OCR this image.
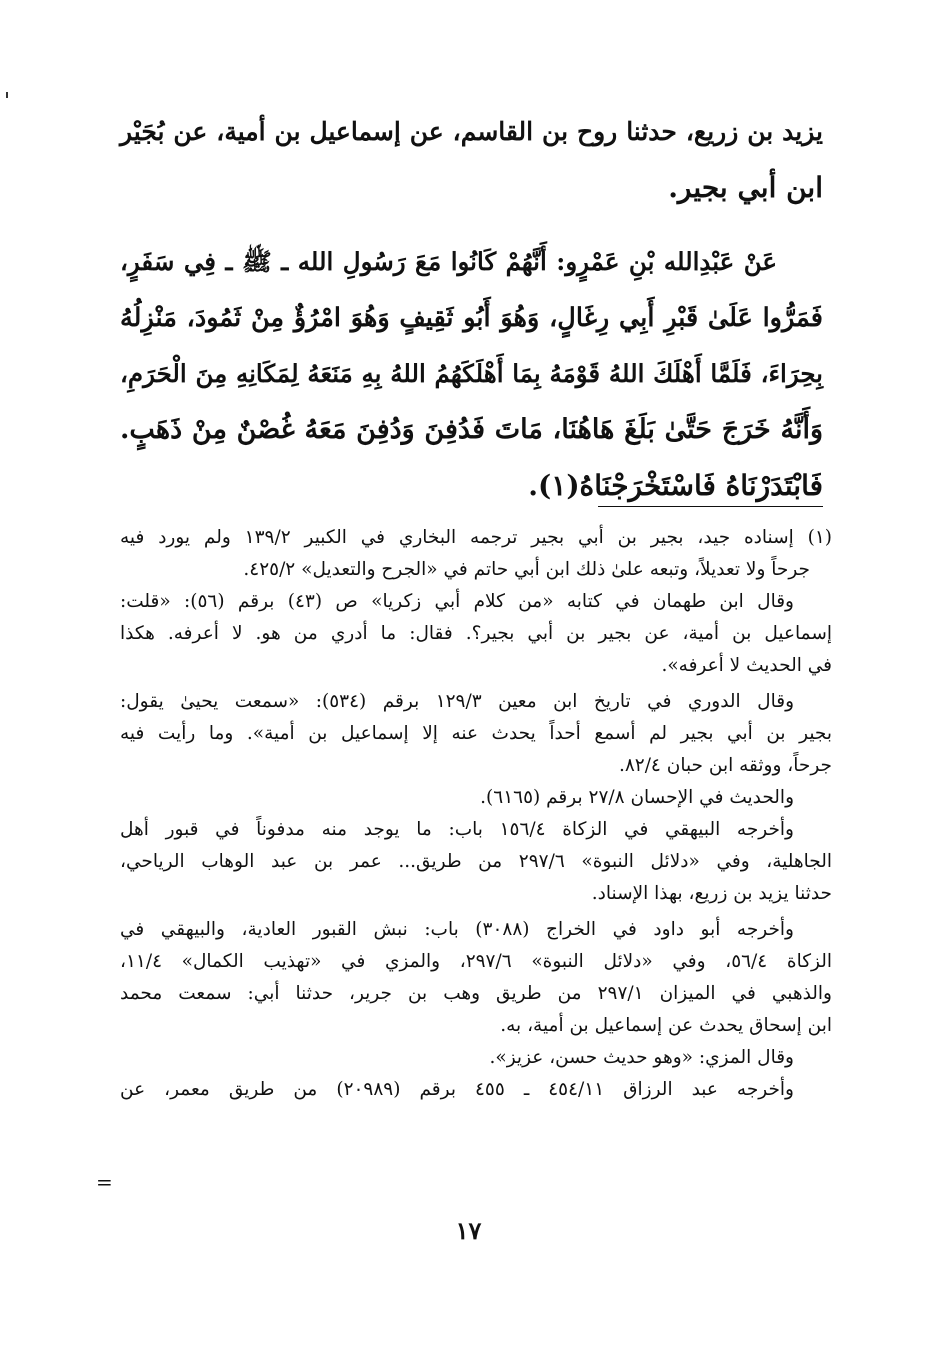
يزيد بن زريع، حدثنا روح بن القاسم، عن إسماعيل بن أمية، عن بُجَيْر
ابن أبي بجير.
عَنْ عَبْدِالله بْنِ عَمْرٍو: أَنَّهُمْ كَانُوا مَعَ رَسُولِ الله ـ ﷺ ـ فِي سَفَرٍ،
فَمَرُّوا عَلَىٰ قَبْرِ أَبِي رِغَالٍ، وَهُوَ أَبُو ثَقِيفٍ وَهُوَ امْرُؤٌ مِنْ ثَمُودَ، مَنْزِلُهُ
بِحِرَاءَ، فَلَمَّا أَهْلَكَ اللهُ قَوْمَهُ بِمَا أَهْلَكَهُمُ اللهُ بِهِ مَنَعَهُ لِمَكَانِهِ مِنَ الْحَرَمِ،
وَأَنَّهُ خَرَجَ حَتَّىٰ بَلَغَ هَاهُنَا، مَاتَ فَدُفِنَ وَدُفِنَ مَعَهُ غُصْنٌ مِنْ ذَهَبٍ.
فَابْتَدَرْنَاهُ فَاسْتَخْرَجْنَاهُ(١).
(١) إسناده جيد، بجير بن أبي بجير ترجمه البخاري في الكبير ١٣٩/٢ ولم يورد فيه
جرحاً ولا تعديلاً، وتبعه علىٰ ذلك ابن أبي حاتم في «الجرح والتعديل» ٤٢٥/٢.
وقال ابن طهمان في كتابه «من كلام أبي زكريا» ص (٤٣) برقم (٥٦): «قلت:
إسماعيل بن أمية، عن بجير بن أبي بجير؟. فقال: ما أدري من هو. لا أعرفه. هكذا
في الحديث لا أعرفه».
وقال الدوري في تاريخ ابن معين ١٢٩/٣ برقم (٥٣٤): «سمعت يحيىٰ يقول:
بجير بن أبي بجير لم أسمع أحداً يحدث عنه إلا إسماعيل بن أمية». وما رأيت فيه
جرحاً، ووثقه ابن حبان ٨٢/٤.
والحديث في الإحسان ٢٧/٨ برقم (٦١٦٥).
وأخرجه البيهقي في الزكاة ١٥٦/٤ باب: ما يوجد منه مدفوناً في قبور أهل
الجاهلية، وفي «دلائل النبوة» ٢٩٧/٦ من طريق... عمر بن عبد الوهاب الرياحي،
حدثنا يزيد بن زريع، بهذا الإسناد.
وأخرجه أبو داود في الخراج (٣٠٨٨) باب: نبش القبور العادية، والبيهقي في
الزكاة ٥٦/٤، وفي «دلائل النبوة» ٢٩٧/٦، والمزي في «تهذيب الكمال» ١١/٤،
والذهبي في الميزان ٢٩٧/١ من طريق وهب بن جرير، حدثنا أبي: سمعت محمد
ابن إسحاق يحدث عن إسماعيل بن أمية، به.
وقال المزي: «وهو حديث حسن، عزيز».
وأخرجه عبد الرزاق ٤٥٤/١١ ـ ٤٥٥ برقم (٢٠٩٨٩) من طريق معمر، عن
=
١٧
